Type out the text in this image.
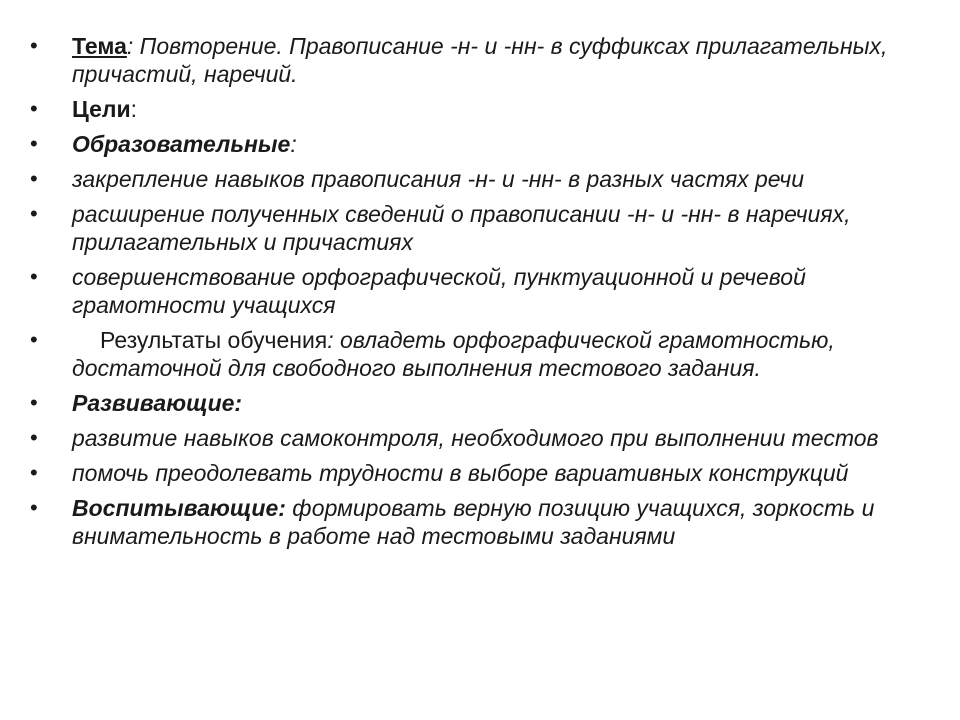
• Тема: Повторение. Правописание -н- и -нн- в суффиксах прилагательных, причастий, наречий.
• Цели:
• Образовательные:
• закрепление навыков правописания -н- и -нн- в разных частях речи
• расширение полученных сведений о правописании -н- и -нн- в наречиях, прилагательных и причастиях
• совершенствование орфографической, пунктуационной и речевой грамотности учащихся
•	Результаты обучения: овладеть орфографической грамотностью, достаточной для свободного выполнения тестового задания.
• Развивающие:
• развитие навыков самоконтроля, необходимого при выполнении тестов
• помочь преодолевать трудности в выборе вариативных конструкций
• Воспитывающие: формировать верную позицию учащихся, зоркость и внимательность в работе над тестовыми заданиями
